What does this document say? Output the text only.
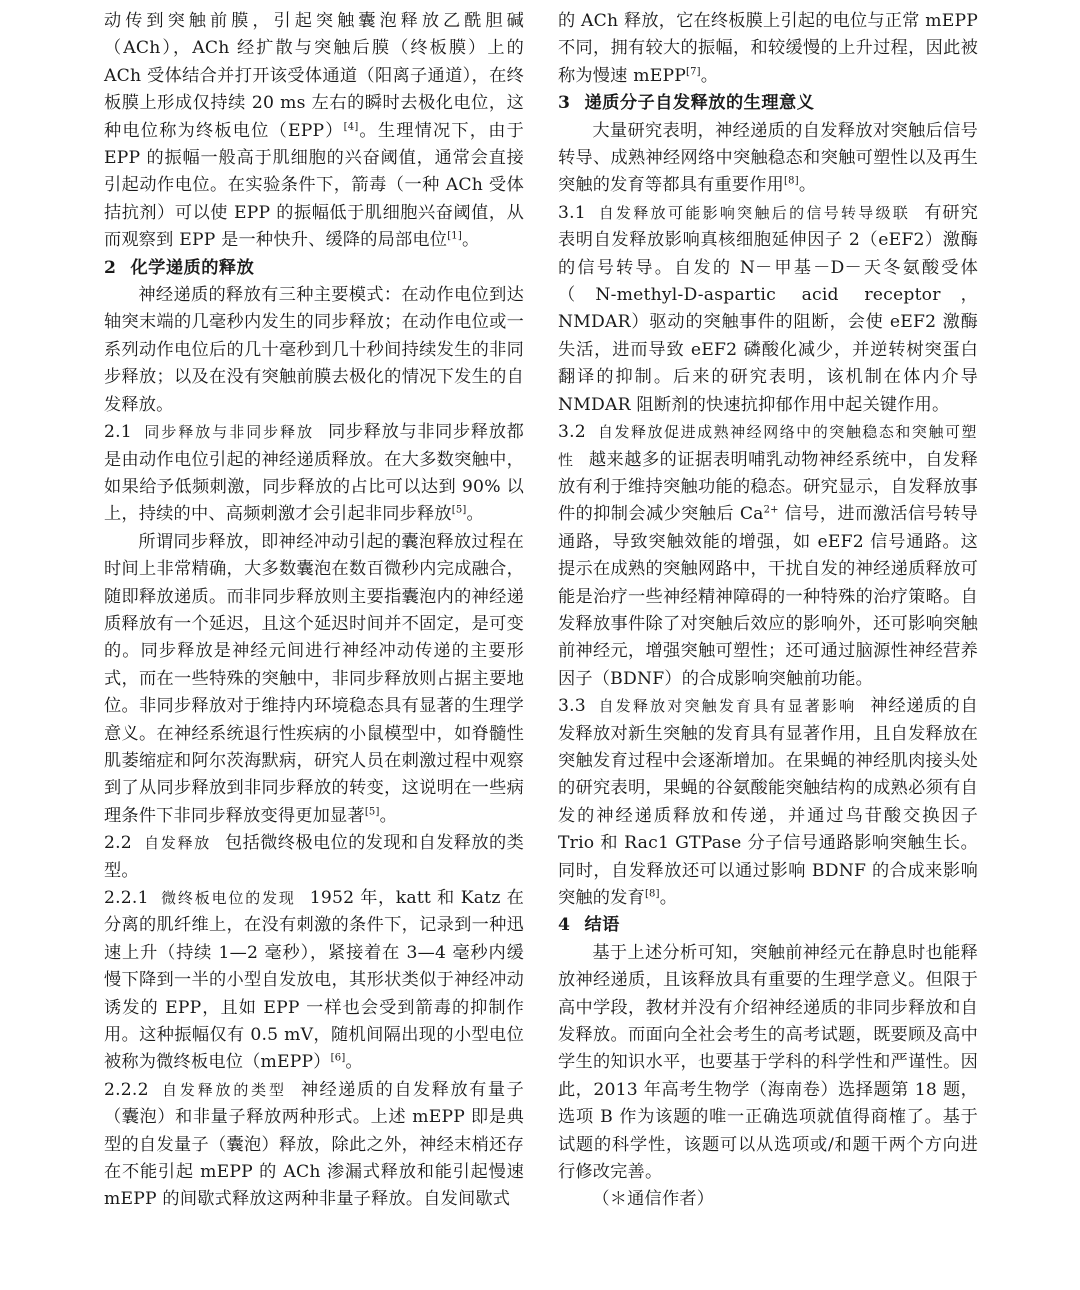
动传到突触前膜，引起突触囊泡释放乙酰胆碱（ACh），ACh 经扩散与突触后膜（终板膜）上的 ACh 受体结合并打开该受体通道（阳离子通道），在终板膜上形成仅持续 20 ms 左右的瞬时去极化电位，这种电位称为终板电位（EPP）[4]。生理情况下，由于 EPP 的振幅一般高于肌细胞的兴奋阈值，通常会直接引起动作电位。在实验条件下，箭毒（一种 ACh 受体拮抗剂）可以使 EPP 的振幅低于肌细胞兴奋阈值，从而观察到 EPP 是一种快升、缓降的局部电位[1]。

2 化学递质的释放

神经递质的释放有三种主要模式：在动作电位到达轴突末端的几毫秒内发生的同步释放；在动作电位或一系列动作电位后的几十毫秒到几十秒间持续发生的非同步释放；以及在没有突触前膜去极化的情况下发生的自发释放。

2.1 同步释放与非同步释放 同步释放与非同步释放都是由动作电位引起的神经递质释放。在大多数突触中，如果给予低频刺激，同步释放的占比可以达到 90% 以上，持续的中、高频刺激才会引起非同步释放[5]。

所谓同步释放，即神经冲动引起的囊泡释放过程在时间上非常精确，大多数囊泡在数百微秒内完成融合，随即释放递质。而非同步释放则主要指囊泡内的神经递质释放有一个延迟，且这个延迟时间并不固定，是可变的。同步释放是神经元间进行神经冲动传递的主要形式，而在一些特殊的突触中，非同步释放则占据主要地位。非同步释放对于维持内环境稳态具有显著的生理学意义。在神经系统退行性疾病的小鼠模型中，如脊髓性肌萎缩症和阿尔茨海默病，研究人员在刺激过程中观察到了从同步释放到非同步释放的转变，这说明在一些病理条件下非同步释放变得更加显著[5]。

2.2 自发释放 包括微终极电位的发现和自发释放的类型。

2.2.1 微终板电位的发现 1952 年，katt 和 Katz 在分离的肌纤维上，在没有刺激的条件下，记录到一种迅速上升（持续 1—2 毫秒），紧接着在 3—4 毫秒内缓慢下降到一半的小型自发放电，其形状类似于神经冲动诱发的 EPP，且如 EPP 一样也会受到箭毒的抑制作用。这种振幅仅有 0.5 mV，随机间隔出现的小型电位被称为微终板电位（mEPP）[6]。

2.2.2 自发释放的类型 神经递质的自发释放有量子（囊泡）和非量子释放两种形式。上述 mEPP 即是典型的自发量子（囊泡）释放，除此之外，神经末梢还存在不能引起 mEPP 的 ACh 渗漏式释放和能引起慢速 mEPP 的间歇式释放这两种非量子释放。自发间歇式

的 ACh 释放，它在终板膜上引起的电位与正常 mEPP 不同，拥有较大的振幅，和较缓慢的上升过程，因此被称为慢速 mEPP[7]。

3 递质分子自发释放的生理意义

大量研究表明，神经递质的自发释放对突触后信号转导、成熟神经网络中突触稳态和突触可塑性以及再生突触的发育等都具有重要作用[8]。

3.1 自发释放可能影响突触后的信号转导级联 有研究表明自发释放影响真核细胞延伸因子 2（eEF2）激酶的信号转导。自发的 N－甲基－D－天冬氨酸受体（N-methyl-D-aspartic acid receptor，NMDAR）驱动的突触事件的阻断，会使 eEF2 激酶失活，进而导致 eEF2 磷酸化减少，并逆转树突蛋白翻译的抑制。后来的研究表明，该机制在体内介导 NMDAR 阻断剂的快速抗抑郁作用中起关键作用。

3.2 自发释放促进成熟神经网络中的突触稳态和突触可塑性 越来越多的证据表明哺乳动物神经系统中，自发释放有利于维持突触功能的稳态。研究显示，自发释放事件的抑制会减少突触后 $Ca^{2+}$ 信号，进而激活信号转导通路，导致突触效能的增强，如 eEF2 信号通路。这提示在成熟的突触网路中，干扰自发的神经递质释放可能是治疗一些神经精神障碍的一种特殊的治疗策略。自发释放事件除了对突触后效应的影响外，还可影响突触前神经元，增强突触可塑性；还可通过脑源性神经营养因子（BDNF）的合成影响突触前功能。

3.3 自发释放对突触发育具有显著影响 神经递质的自发释放对新生突触的发育具有显著作用，且自发释放在突触发育过程中会逐渐增加。在果蝇的神经肌肉接头处的研究表明，果蝇的谷氨酸能突触结构的成熟必须有自发的神经递质释放和传递，并通过鸟苷酸交换因子 Trio 和 Rac1 GTPase 分子信号通路影响突触生长。同时，自发释放还可以通过影响 BDNF 的合成来影响突触的发育[8]。

4 结语

基于上述分析可知，突触前神经元在静息时也能释放神经递质，且该释放具有重要的生理学意义。但限于高中学段，教材并没有介绍神经递质的非同步释放和自发释放。而面向全社会考生的高考试题，既要顾及高中学生的知识水平，也要基于学科的科学性和严谨性。因此，2013 年高考生物学（海南卷）选择题第 18 题，选项 B 作为该题的唯一正确选项就值得商榷了。基于试题的科学性，该题可以从选项或/和题干两个方向进行修改完善。

（＊通信作者）
